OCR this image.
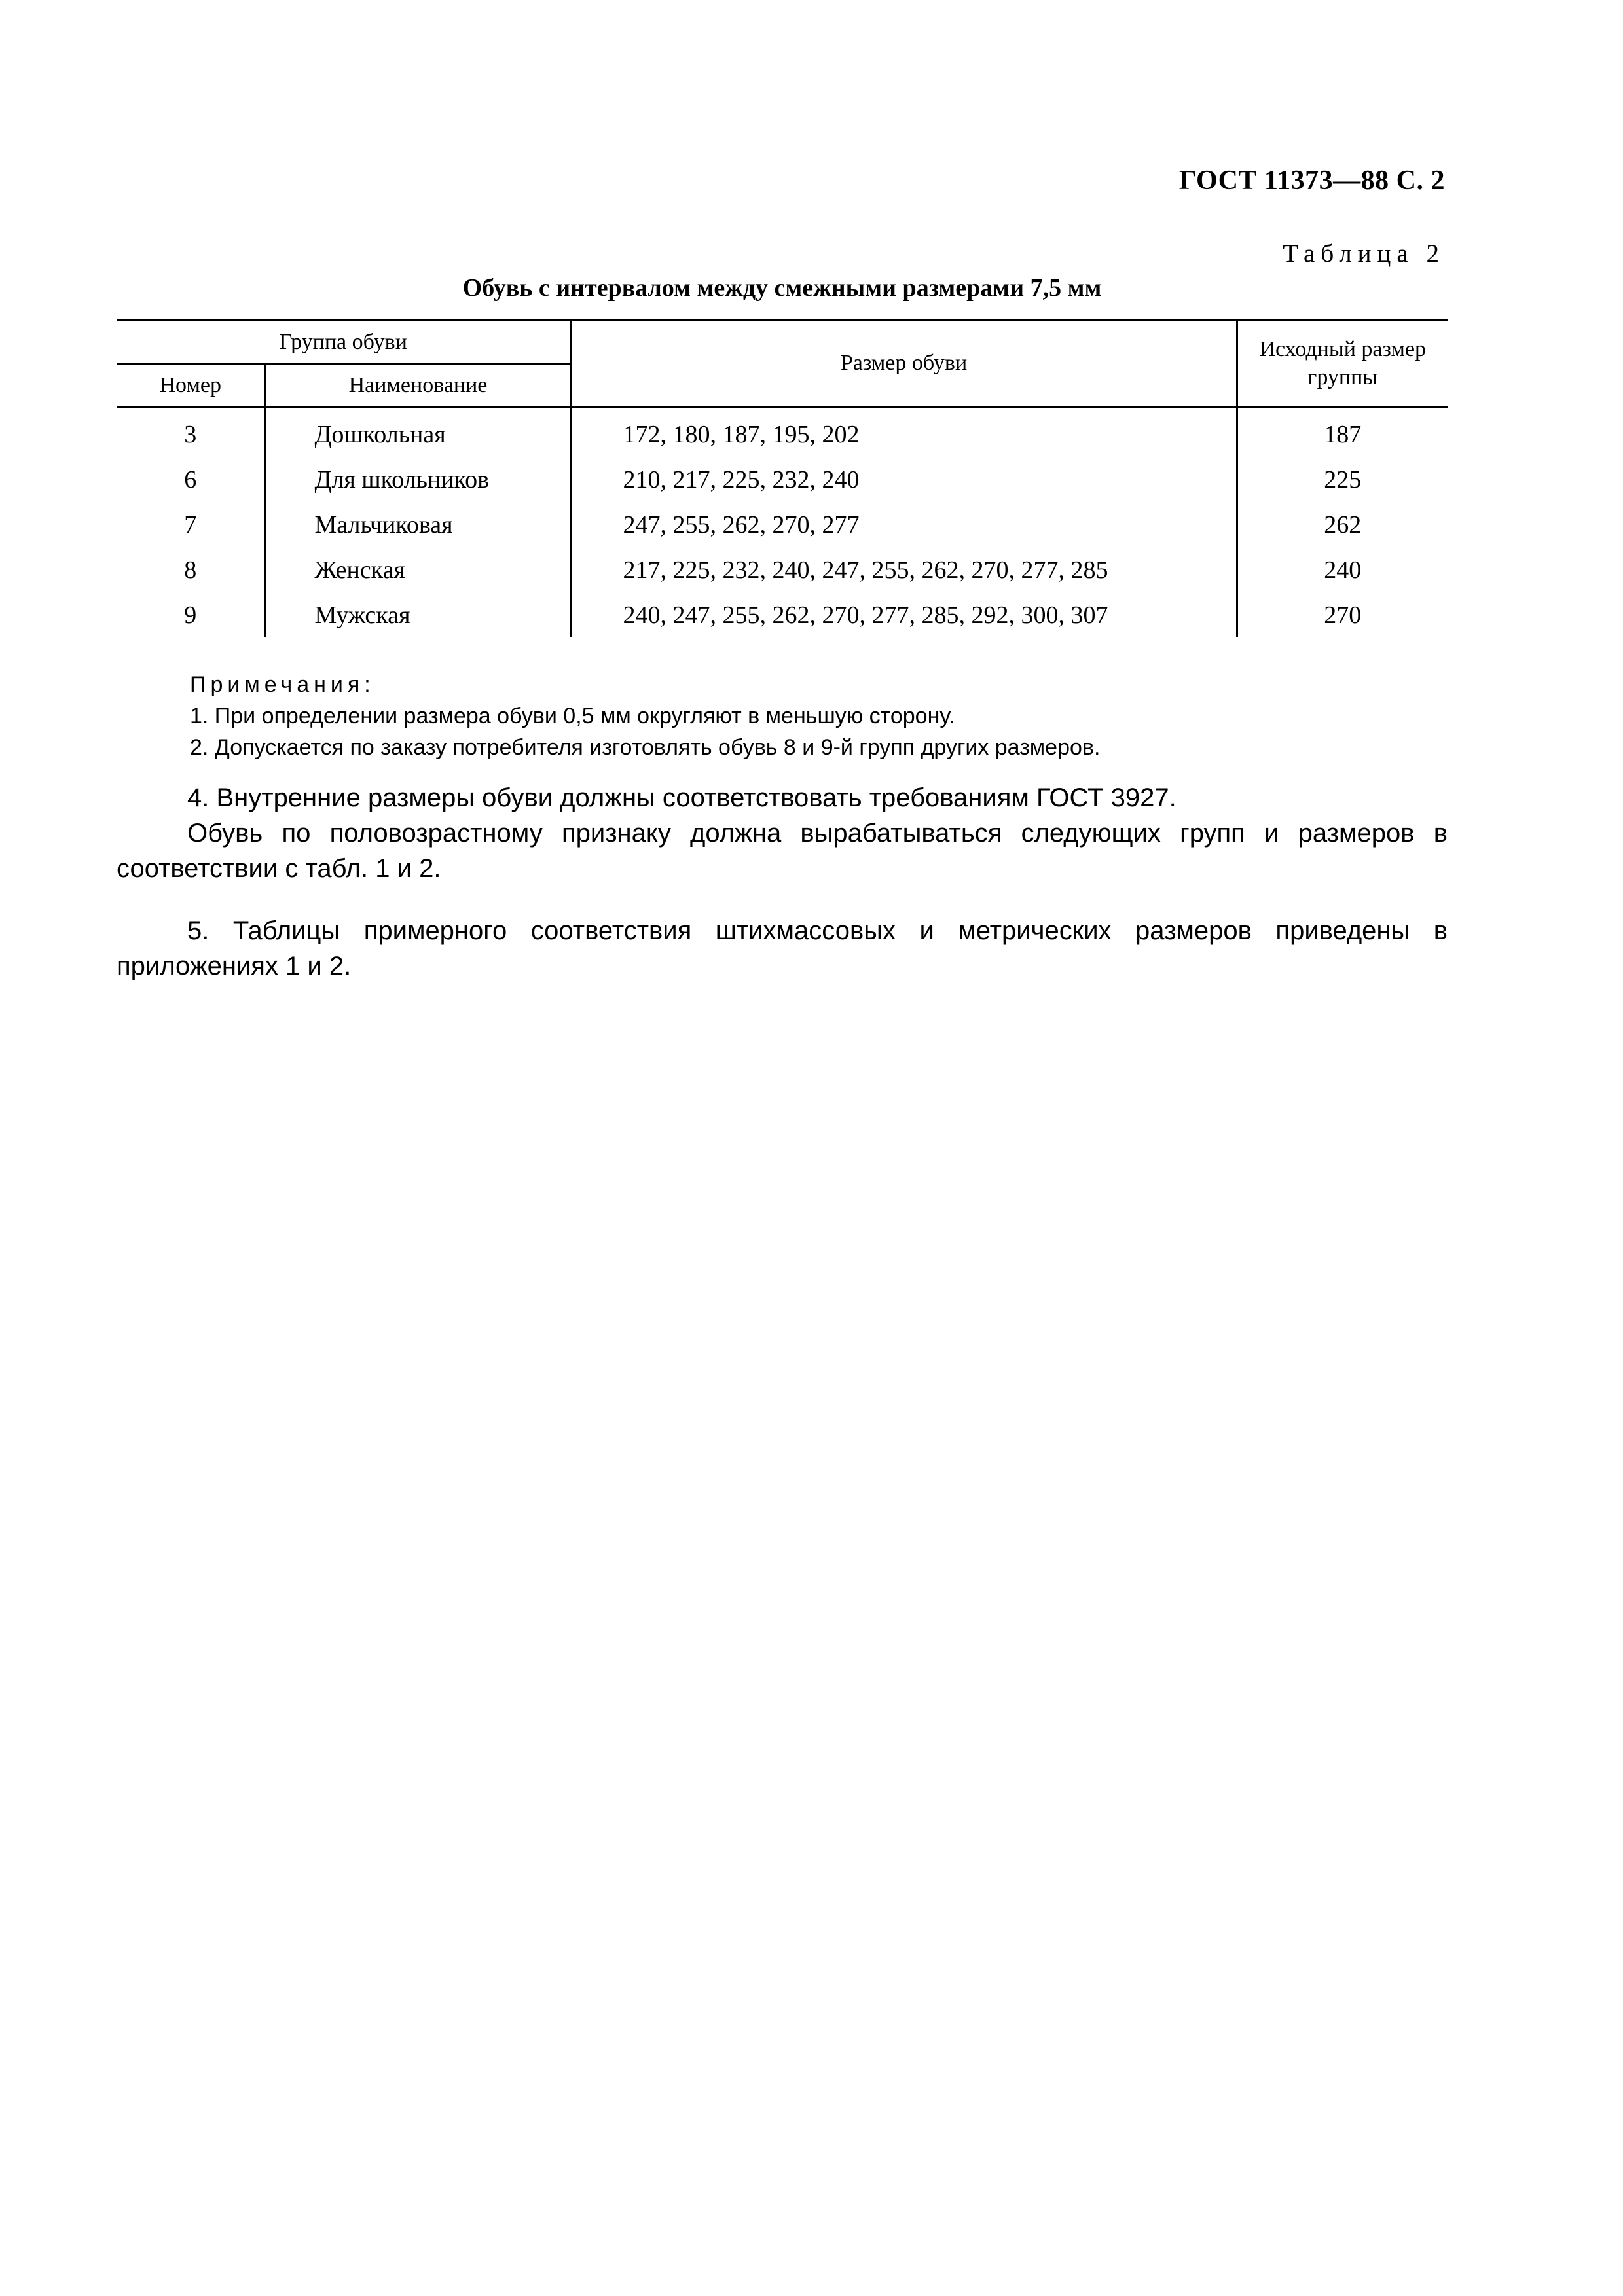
ГОСТ 11373—88 С. 2
Таблица 2
Обувь с интервалом между смежными размерами 7,5 мм
Группа обуви		Размер обуви	Исходный размер группы
Номер	Наименование		
3	Дошкольная	172, 180, 187, 195, 202	187
6	Для школьников	210, 217, 225, 232, 240	225
7	Мальчиковая	247, 255, 262, 270, 277	262
8	Женская	217, 225, 232, 240, 247, 255, 262, 270, 277, 285	240
9	Мужская	240, 247, 255, 262, 270, 277, 285, 292, 300, 307	270
Примечания:
1. При определении размера обуви 0,5 мм округляют в меньшую сторону.
2. Допускается по заказу потребителя изготовлять обувь 8 и 9-й групп других размеров.
4. Внутренние размеры обуви должны соответствовать требованиям ГОСТ 3927.
Обувь по половозрастному признаку должна вырабатываться следующих групп и размеров в соответствии с табл. 1 и 2.
5. Таблицы примерного соответствия штихмассовых и метрических размеров приведены в приложениях 1 и 2.
